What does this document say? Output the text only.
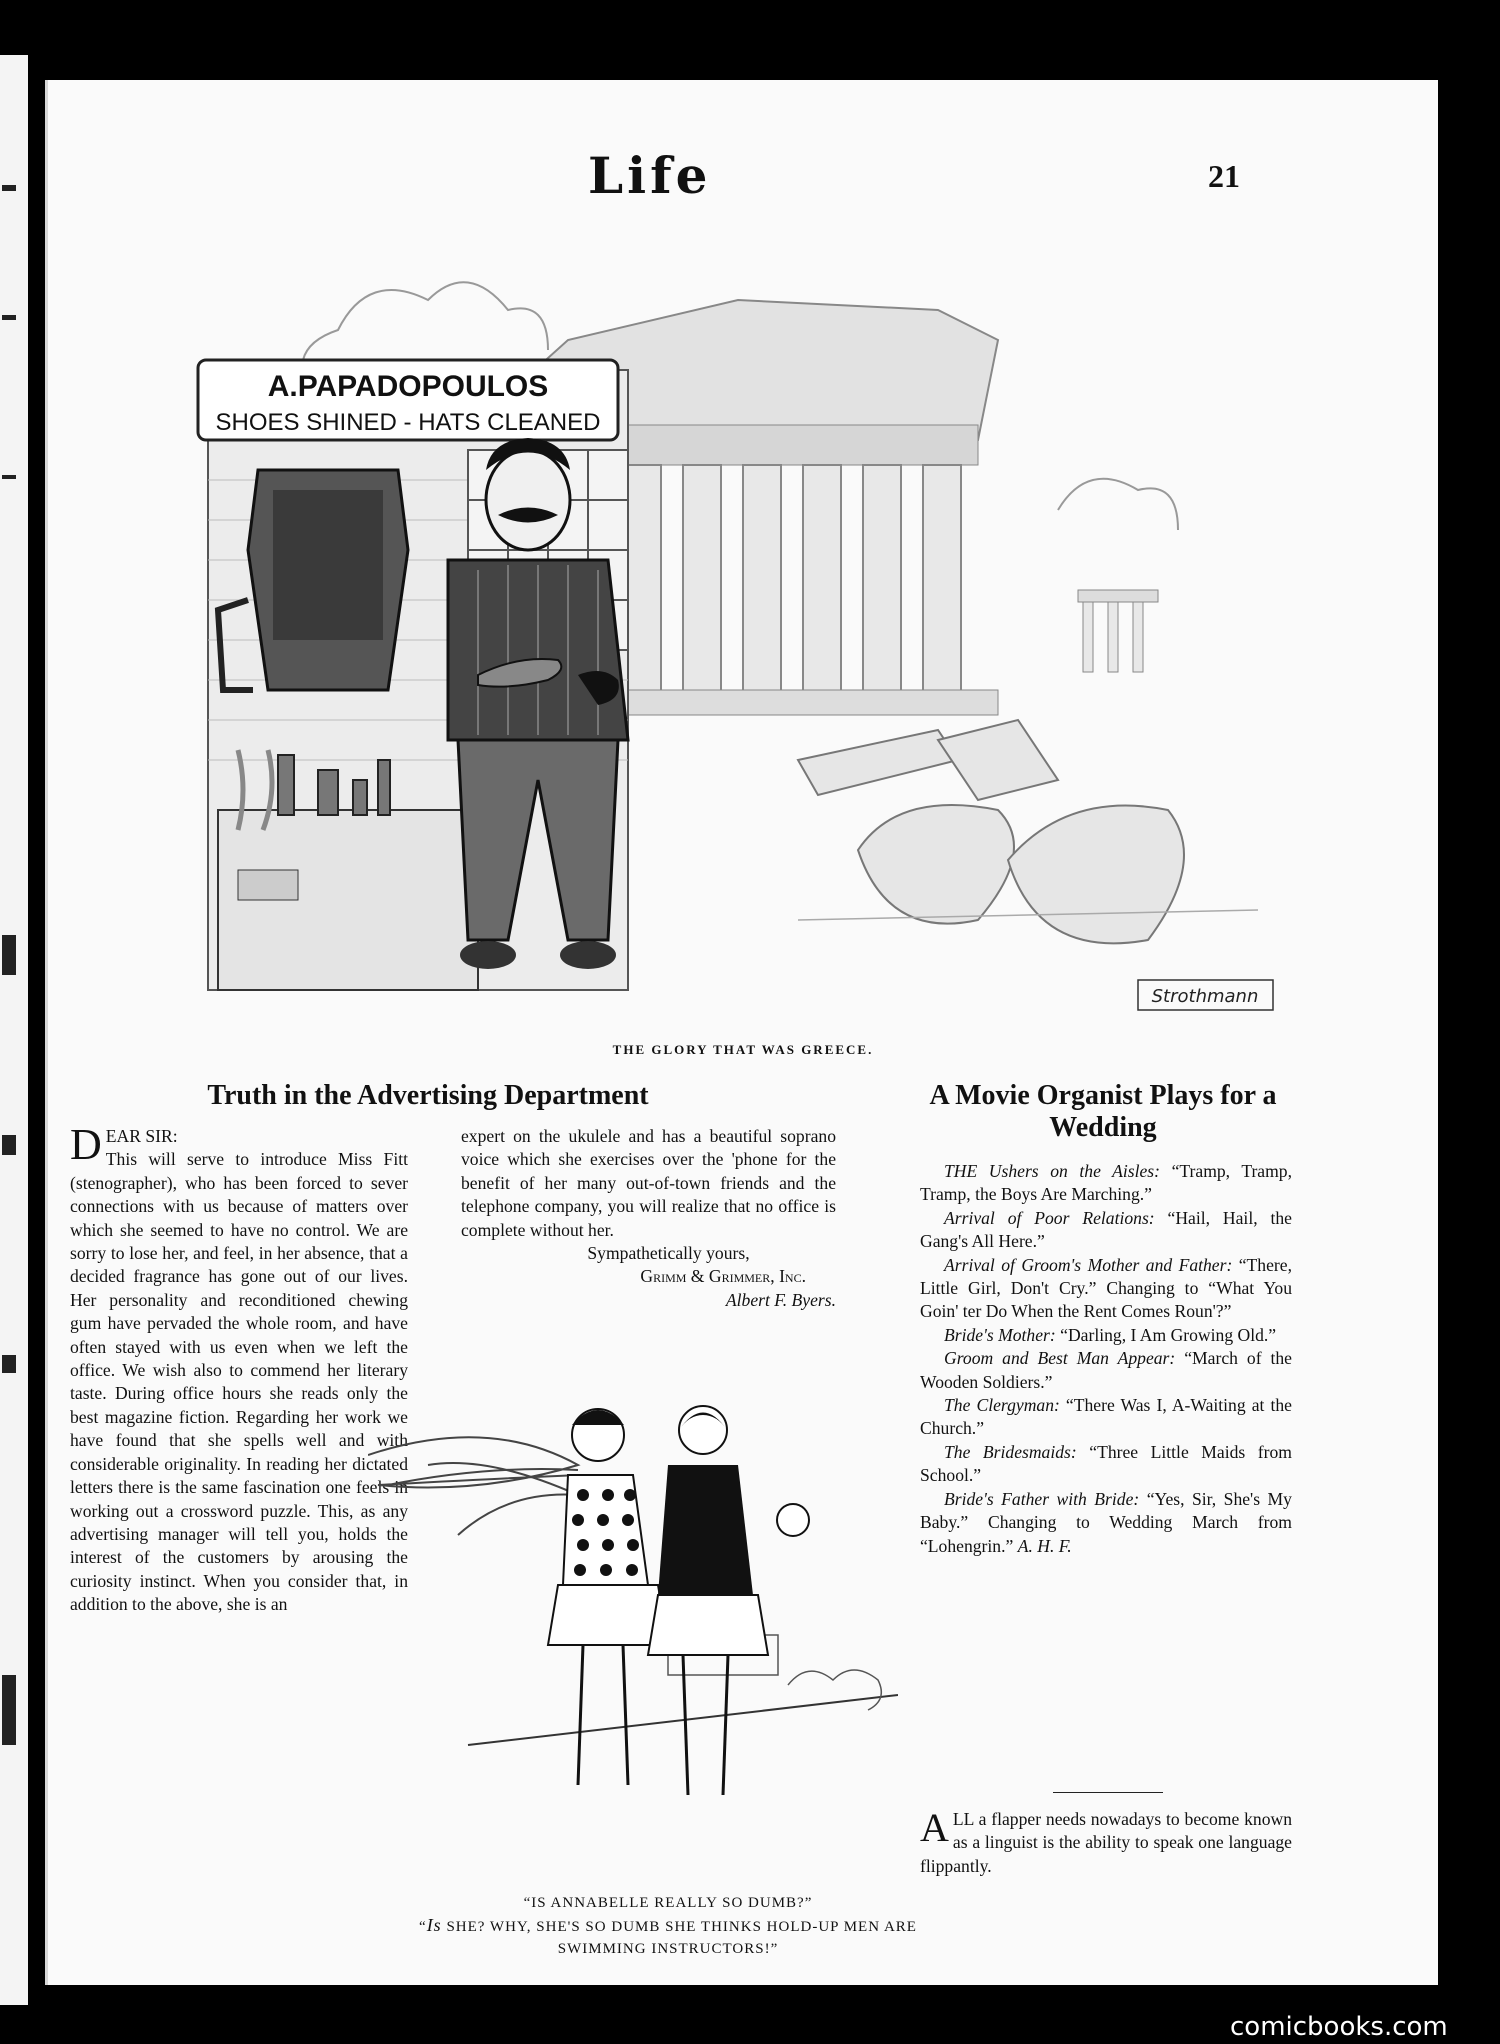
Life	21
A.PAPADOPOULOS
SHOES SHINED - HATS CLEANED
Strothmann
THE GLORY THAT WAS GREECE.
Truth in the Advertising Department

DEAR SIR:
This will serve to introduce Miss Fitt (stenographer), who has been forced to sever connections with us because of matters over which she seemed to have no control. We are sorry to lose her, and feel, in her absence, that a decided fragrance has gone out of our lives. Her personality and reconditioned chewing gum have pervaded the whole room, and have often stayed with us even when we left the office. We wish also to commend her literary taste. During office hours she reads only the best magazine fiction. Regarding her work we have found that she spells well and with considerable originality. In reading her dictated letters there is the same fascination one feels in working out a crossword puzzle. This, as any advertising manager will tell you, holds the interest of the customers by arousing the curiosity instinct. When you consider that, in addition to the above, she is an

expert on the ukulele and has a beautiful soprano voice which she exercises over the 'phone for the benefit of her many out-of-town friends and the telephone company, you will realize that no office is complete without her.

Sympathetically yours,
Grimm & Grimmer, Inc.
Albert F. Byers.
“IS ANNABELLE REALLY SO DUMB?”
“Is SHE? WHY, SHE'S SO DUMB SHE THINKS HOLD-UP MEN ARE SWIMMING INSTRUCTORS!”
A Movie Organist Plays for a Wedding

THE Ushers on the Aisles: “Tramp, Tramp, Tramp, the Boys Are Marching.”

Arrival of Poor Relations: “Hail, Hail, the Gang's All Here.”

Arrival of Groom's Mother and Father: “There, Little Girl, Don't Cry.” Changing to “What You Goin' ter Do When the Rent Comes Roun'?”

Bride's Mother: “Darling, I Am Growing Old.”

Groom and Best Man Appear: “March of the Wooden Soldiers.”

The Clergyman: “There Was I, A-Waiting at the Church.”

The Bridesmaids: “Three Little Maids from School.”

Bride's Father with Bride: “Yes, Sir, She's My Baby.” Changing to Wedding March from “Lohengrin.” A. H. F.

ALL a flapper needs nowadays to become known as a linguist is the ability to speak one language flippantly.

comicbooks.com
